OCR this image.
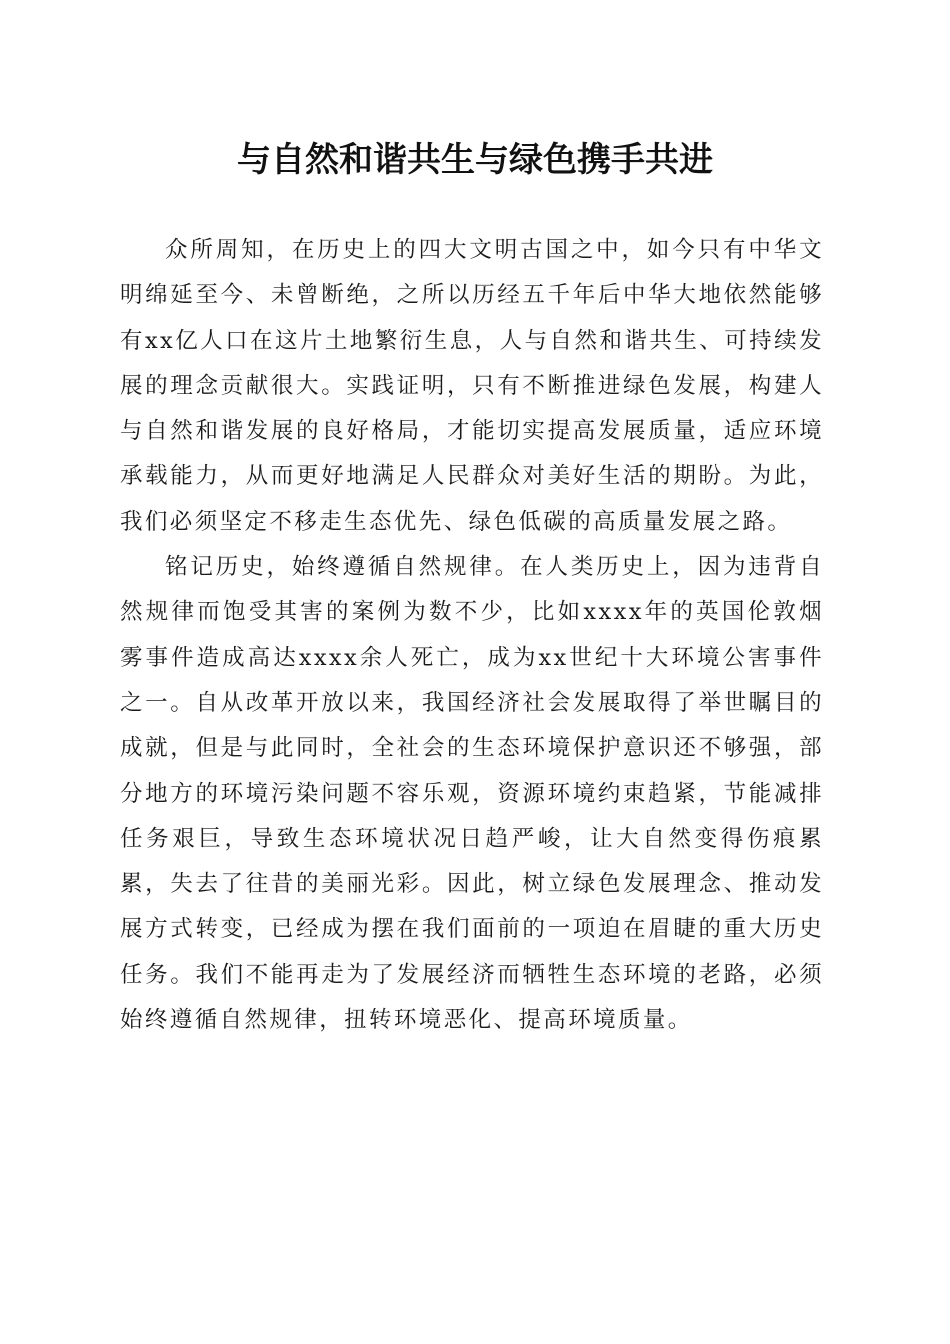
与自然和谐共生与绿色携手共进

众所周知，在历史上的四大文明古国之中，如今只有中华文明绵延至今、未曾断绝，之所以历经五千年后中华大地依然能够有xx亿人口在这片土地繁衍生息，人与自然和谐共生、可持续发展的理念贡献很大。实践证明，只有不断推进绿色发展，构建人与自然和谐发展的良好格局，才能切实提高发展质量，适应环境承载能力，从而更好地满足人民群众对美好生活的期盼。为此，我们必须坚定不移走生态优先、绿色低碳的高质量发展之路。

铭记历史，始终遵循自然规律。在人类历史上，因为违背自然规律而饱受其害的案例为数不少，比如xxxx年的英国伦敦烟雾事件造成高达xxxx余人死亡，成为xx世纪十大环境公害事件之一。自从改革开放以来，我国经济社会发展取得了举世瞩目的成就，但是与此同时，全社会的生态环境保护意识还不够强，部分地方的环境污染问题不容乐观，资源环境约束趋紧，节能减排任务艰巨，导致生态环境状况日趋严峻，让大自然变得伤痕累累，失去了往昔的美丽光彩。因此，树立绿色发展理念、推动发展方式转变，已经成为摆在我们面前的一项迫在眉睫的重大历史任务。我们不能再走为了发展经济而牺牲生态环境的老路，必须始终遵循自然规律，扭转环境恶化、提高环境质量。
